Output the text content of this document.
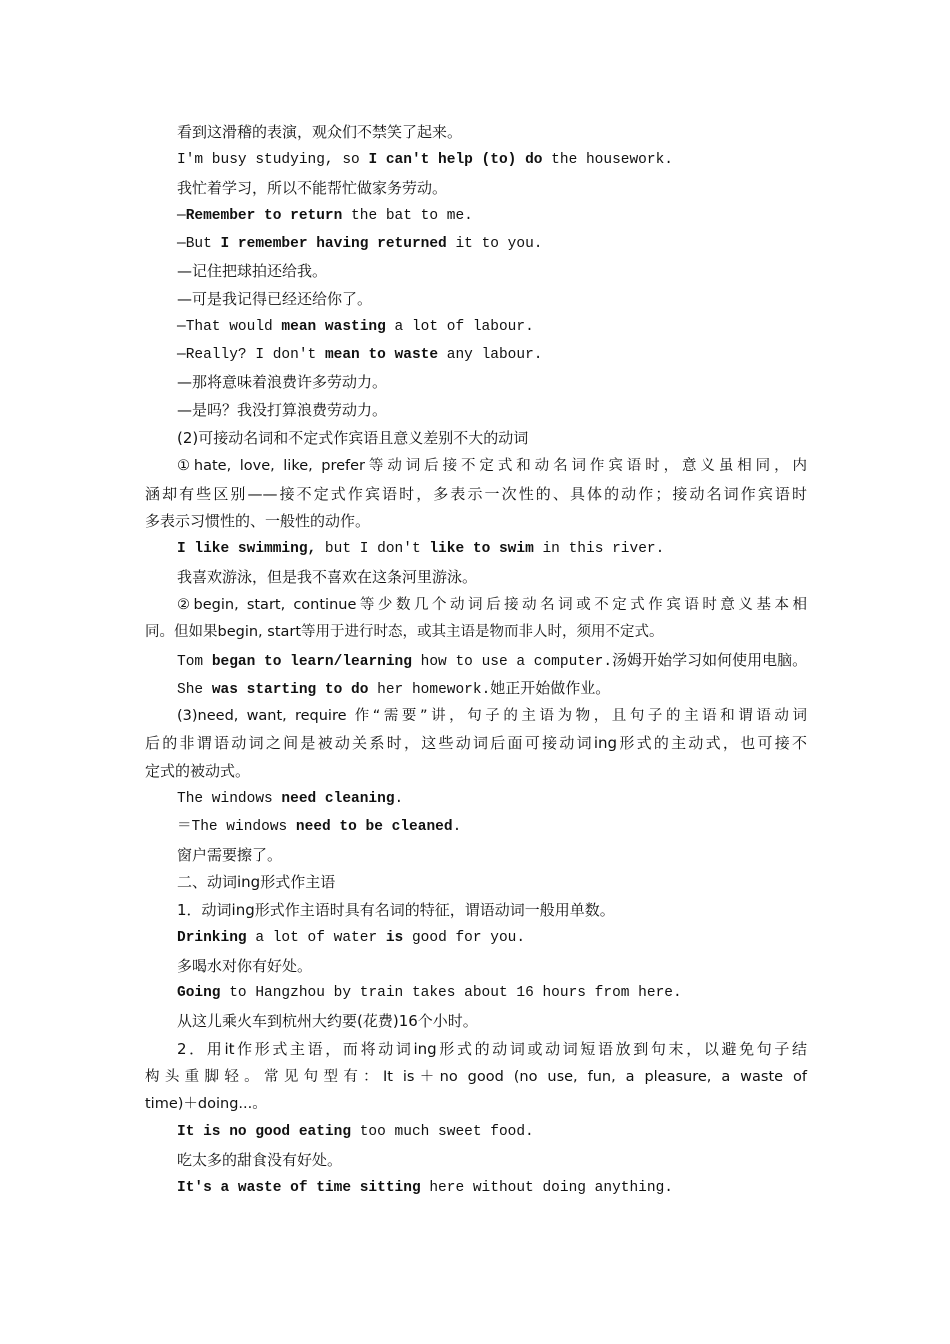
看到这滑稽的表演，观众们不禁笑了起来。
I'm busy studying, so I can't help (to) do the housework.
我忙着学习，所以不能帮忙做家务劳动。
—Remember to return the bat to me.
—But I remember having returned it to you.
—记住把球拍还给我。
—可是我记得已经还给你了。
—That would mean wasting a lot of labour.
—Really? I don't mean to waste any labour.
—那将意味着浪费许多劳动力。
—是吗？我没打算浪费劳动力。
(2)可接动名词和不定式作宾语且意义差别不大的动词
①hate, love, like, prefer等动词后接不定式和动名词作宾语时，意义虽相同，内
涵却有些区别——接不定式作宾语时，多表示一次性的、具体的动作；接动名词作宾语时
多表示习惯性的、一般性的动作。
I like swimming, but I don't like to swim in this river.
我喜欢游泳，但是我不喜欢在这条河里游泳。
②begin, start, continue等少数几个动词后接动名词或不定式作宾语时意义基本相
同。但如果begin, start等用于进行时态，或其主语是物而非人时，须用不定式。
Tom began to learn/learning how to use a computer.汤姆开始学习如何使用电脑。
She was starting to do her homework.她正开始做作业。
(3)need, want, require 作“需要”讲，句子的主语为物，且句子的主语和谓语动词
后的非谓语动词之间是被动关系时，这些动词后面可接动词ing形式的主动式，也可接不
定式的被动式。
The windows need cleaning.
＝The windows need to be cleaned.
窗户需要擦了。
二、动词ing形式作主语
1．动词ing形式作主语时具有名词的特征，谓语动词一般用单数。
Drinking a lot of water is good for you.
多喝水对你有好处。
Going to Hangzhou by train takes about 16 hours from here.
从这儿乘火车到杭州大约要(花费)16个小时。
2．用it作形式主语，而将动词ing形式的动词或动词短语放到句末，以避免句子结
构头重脚轻。常见句型有：It is＋no good (no use, fun, a pleasure, a waste of
time)＋doing...。
It is no good eating too much sweet food.
吃太多的甜食没有好处。
It's a waste of time sitting here without doing anything.
